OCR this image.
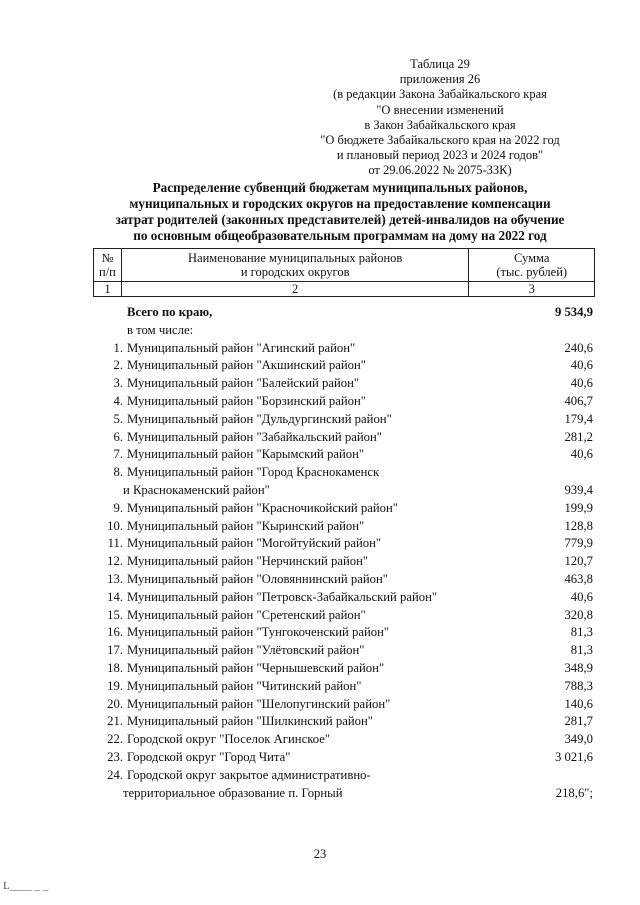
Таблица 29
приложения 26
(в редакции Закона Забайкальского края
"О внесении изменений
в Закон Забайкальского края
"О бюджете Забайкальского края на 2022 год
и плановый период 2023 и 2024 годов"
от 29.06.2022 № 2075-ЗЗК)
Распределение субвенций бюджетам муниципальных районов,
муниципальных и городских округов на предоставление компенсации
затрат родителей (законных представителей) детей-инвалидов на обучение
по основным общеобразовательным программам на дому на 2022 год
№
п/п	Наименование муниципальных районов
и городских округов	Сумма
(тыс. рублей)
1	2	3
Всего по краю,	9 534,9
в том числе:
1. Муниципальный район "Агинский район"	240,6
2. Муниципальный район "Акшинский район"	40,6
3. Муниципальный район "Балейский район"	40,6
4. Муниципальный район "Борзинский район"	406,7
5. Муниципальный район "Дульдургинский район"	179,4
6. Муниципальный район "Забайкальский район"	281,2
7. Муниципальный район "Карымский район"	40,6
8. Муниципальный район "Город Краснокаменск
и Краснокаменский район"	939,4
9. Муниципальный район "Красночикойский район"	199,9
10. Муниципальный район "Кыринский район"	128,8
11. Муниципальный район "Могойтуйский район"	779,9
12. Муниципальный район "Нерчинский район"	120,7
13. Муниципальный район "Оловяннинский район"	463,8
14. Муниципальный район "Петровск-Забайкальский район"	40,6
15. Муниципальный район "Сретенский район"	320,8
16. Муниципальный район "Тунгокоченский район"	81,3
17. Муниципальный район "Улётовский район"	81,3
18. Муниципальный район "Чернышевский район"	348,9
19. Муниципальный район "Читинский район"	788,3
20. Муниципальный район "Шелопугинский район"	140,6
21. Муниципальный район "Шилкинский район"	281,7
22. Городской округ "Поселок Агинское"	349,0
23. Городской округ "Город Чита"	3 021,6
24. Городской округ закрытое административно-
территориальное образование п. Горный	218,6";
23
L____ _ _
